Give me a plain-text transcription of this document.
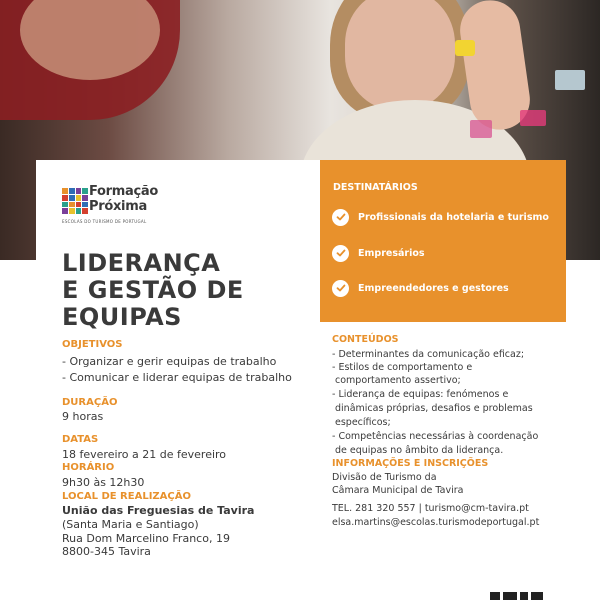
Formação
Próxima
ESCOLAS DO TURISMO DE PORTUGAL
LIDERANÇA
E GESTÃO DE
EQUIPAS
OBJETIVOS
- Organizar e gerir equipas de trabalho
- Comunicar e liderar equipas de trabalho
DURAÇÃO
9 horas
DATAS
18 fevereiro a 21 de fevereiro
HORÁRIO
9h30 às 12h30
LOCAL DE REALIZAÇÃO
União das Freguesias de Tavira
(Santa Maria e Santiago)
Rua Dom Marcelino Franco, 19
8800-345 Tavira
DESTINATÁRIOS
Profissionais da hotelaria e turismo
Empresários
Empreendedores e gestores
CONTEÚDOS
- Determinantes da comunicação eficaz;
- Estilos de comportamento e
comportamento assertivo;
- Liderança de equipas: fenómenos e
dinâmicas próprias, desafios e problemas
específicos;
- Competências necessárias à coordenação
de equipas no âmbito da liderança.
INFORMAÇÕES E INSCRIÇÕES
Divisão de Turismo da
Câmara Municipal de Tavira
TEL. 281 320 557 | turismo@cm-tavira.pt
elsa.martins@escolas.turismodeportugal.pt
